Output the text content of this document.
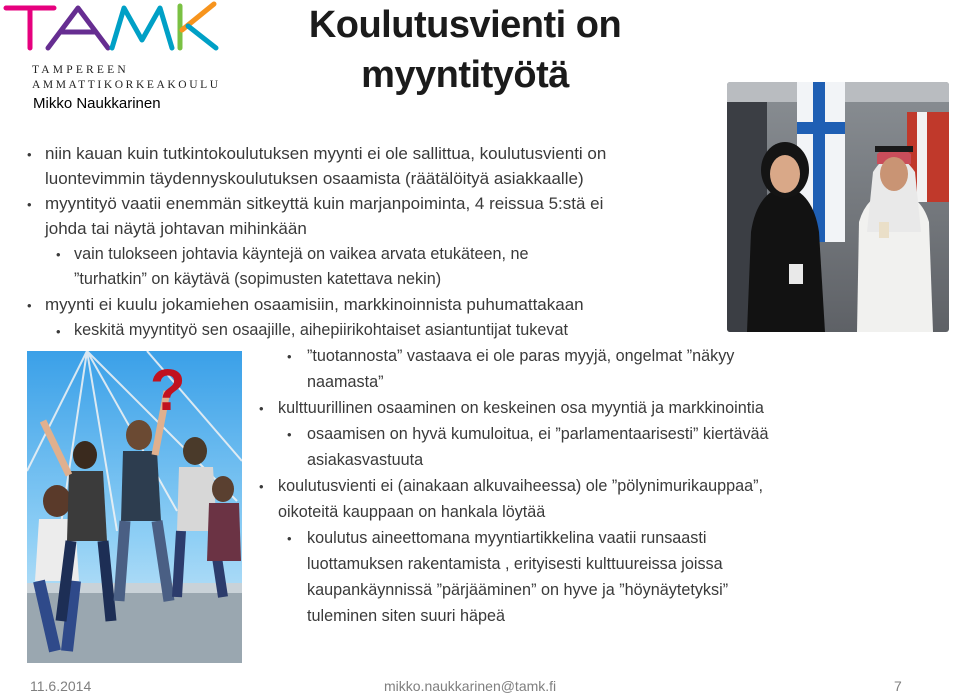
TAMPEREEN
AMMATTIKORKEAKOULU
Mikko Naukkarinen
Koulutusvienti on
myyntityötä
?
• niin kauan kuin tutkintokoulutuksen myynti ei ole sallittua, koulutusvienti on
luontevimmin täydennyskoulutuksen osaamista (räätälöityä asiakkaalle)
• myyntityö vaatii enemmän sitkeyttä kuin marjanpoiminta, 4 reissua 5:stä ei
johda tai näytä johtavan mihinkään
• vain tulokseen johtavia käyntejä on vaikea arvata etukäteen, ne
”turhatkin” on käytävä (sopimusten katettava nekin)
• myynti ei kuulu jokamiehen osaamisiin, markkinoinnista puhumattakaan
• keskitä myyntityö sen osaajille, aihepiirikohtaiset asiantuntijat tukevat
• ”tuotannosta” vastaava ei ole paras myyjä, ongelmat ”näkyy
naamasta”
• kulttuurillinen osaaminen on keskeinen osa myyntiä ja markkinointia
• osaamisen on hyvä kumuloitua, ei ”parlamentaarisesti” kiertävää
asiakasvastuuta
• koulutusvienti ei (ainakaan alkuvaiheessa) ole ”pölynimurikauppaa”,
oikoteitä kauppaan on hankala löytää
• koulutus aineettomana myyntiartikkelina vaatii runsaasti
luottamuksen rakentamista , erityisesti kulttuureissa joissa
kaupankäynnissä ”pärjääminen” on hyve ja ”höynäytetyksi”
tuleminen siten suuri häpeä
11.6.2014	mikko.naukkarinen@tamk.fi	7
